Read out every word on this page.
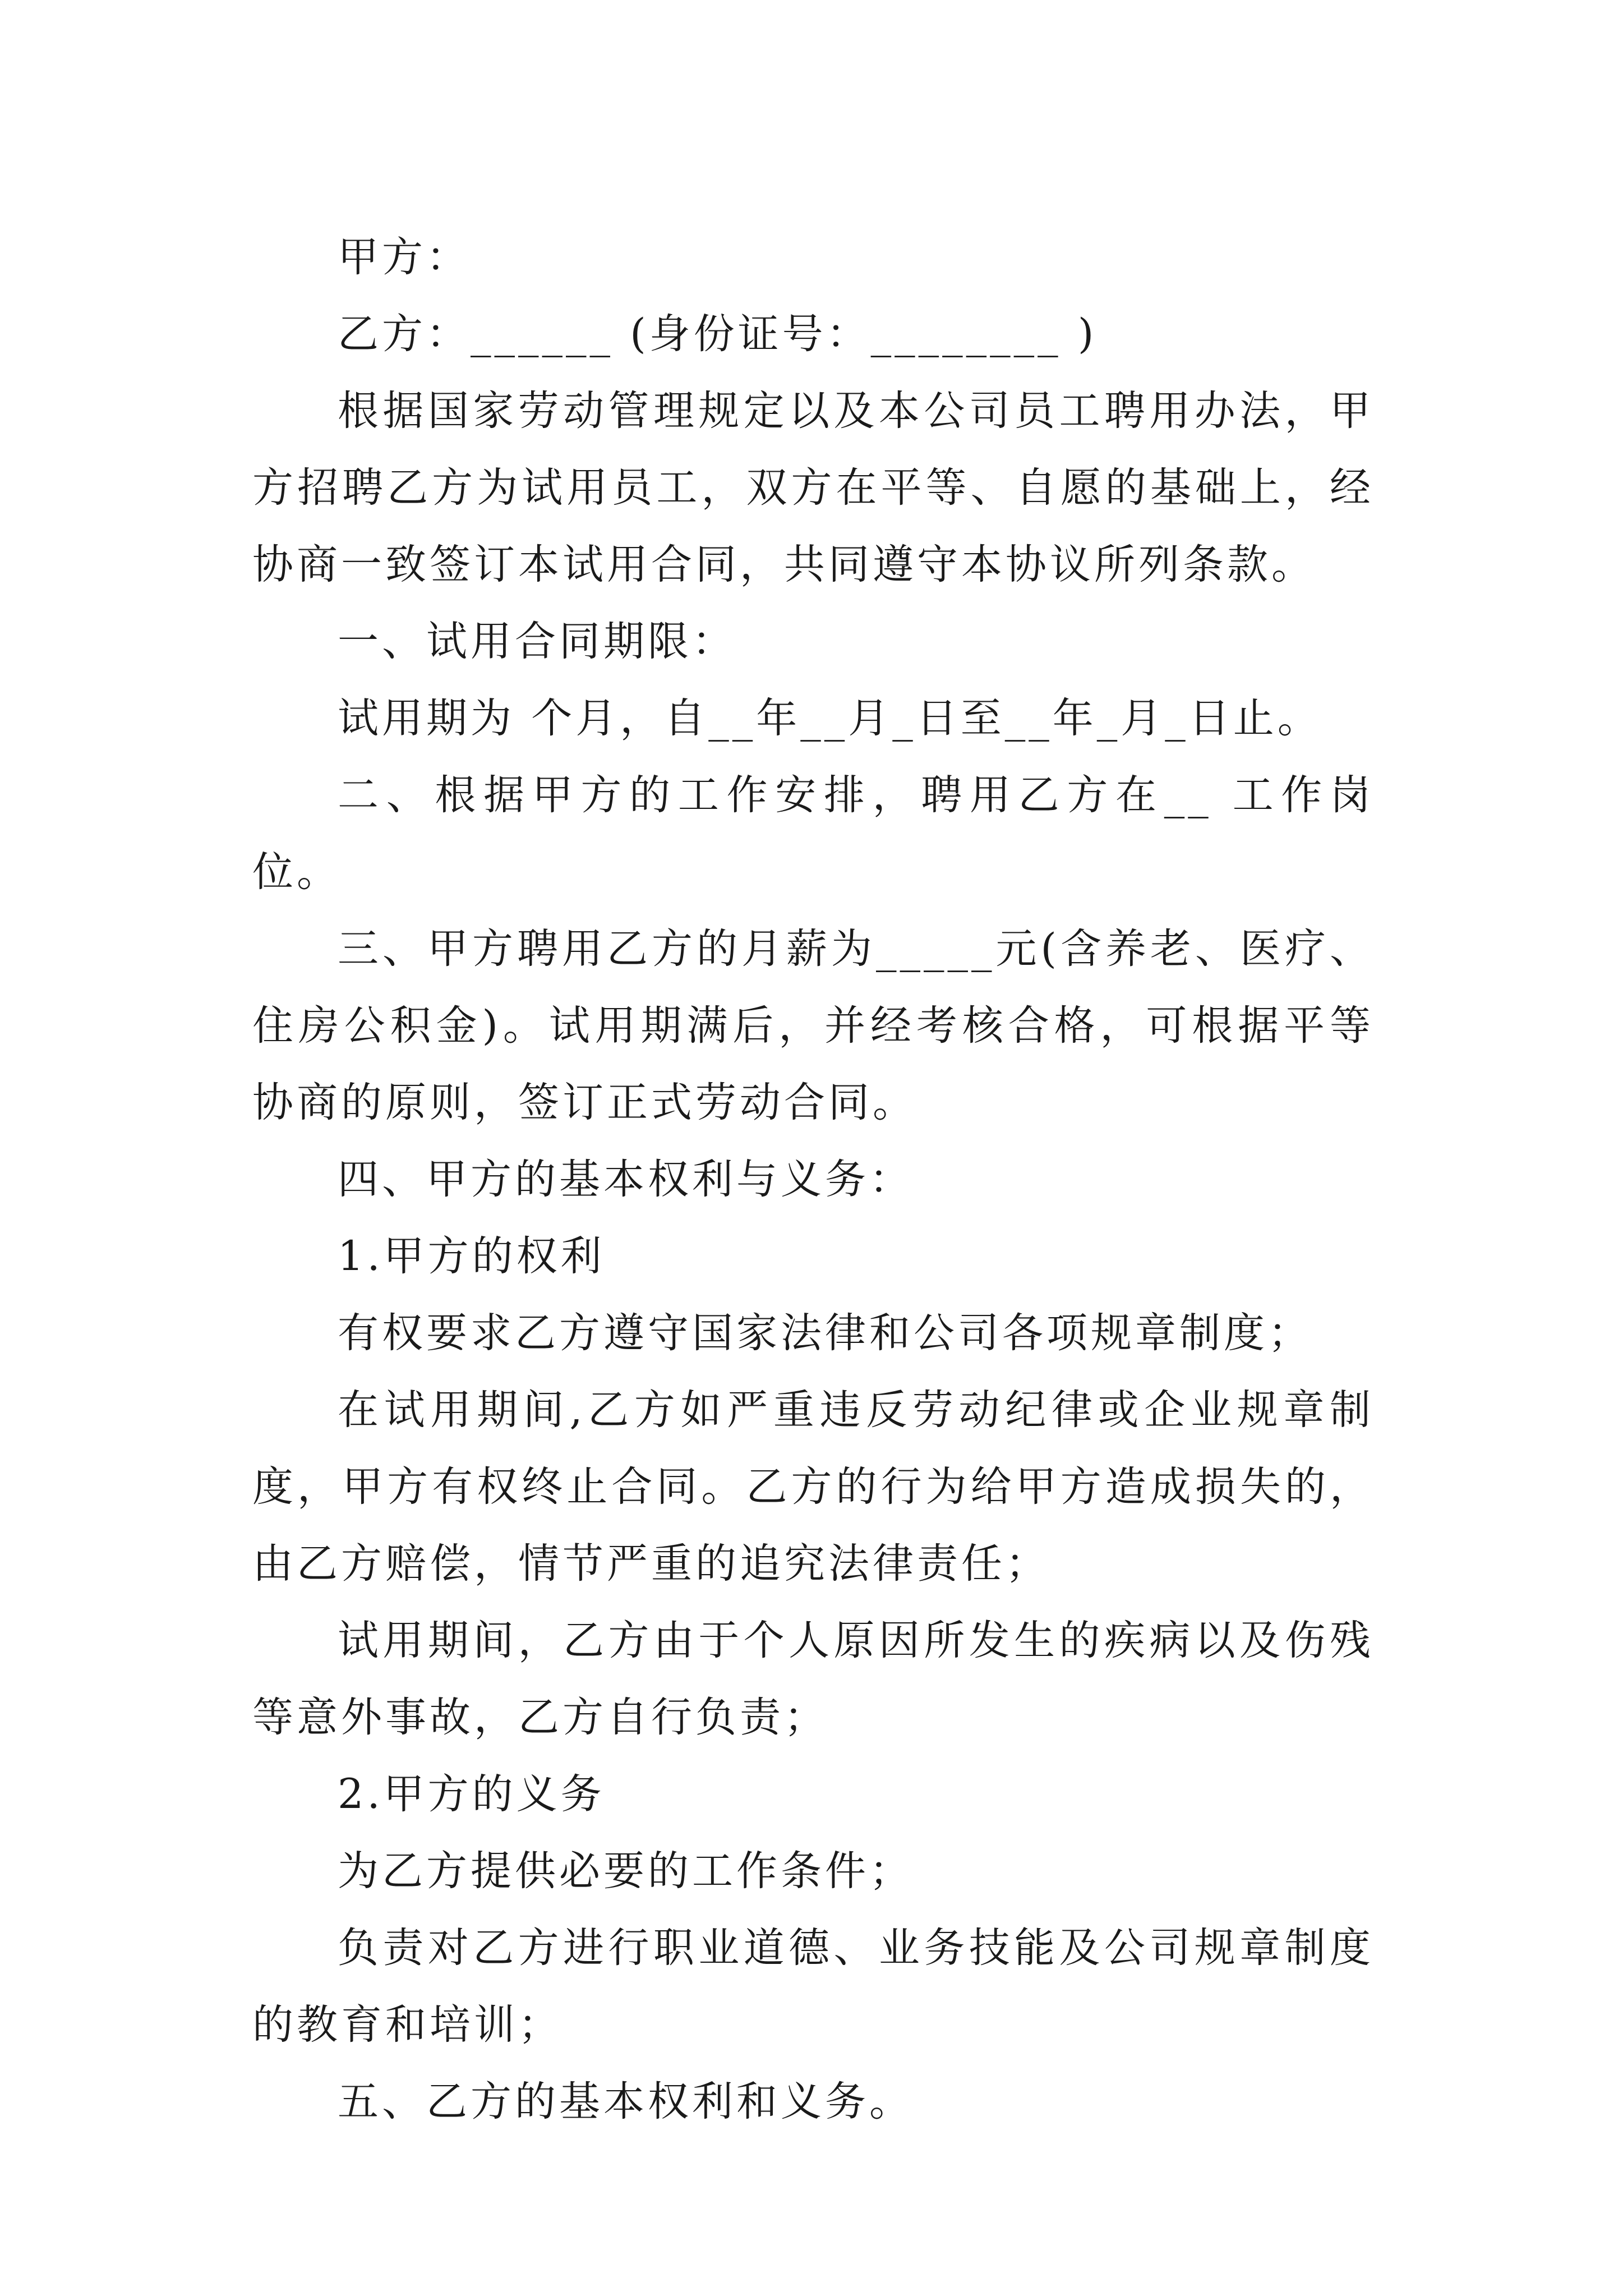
甲方：

乙方：______ (身份证号：________ )

根据国家劳动管理规定以及本公司员工聘用办法，甲方招聘乙方为试用员工，双方在平等、自愿的基础上，经协商一致签订本试用合同，共同遵守本协议所列条款。

一、试用合同期限：

试用期为 个月，自__年__月_日至__年_月_日止。

二、根据甲方的工作安排，聘用乙方在__ 工作岗位。

三、甲方聘用乙方的月薪为_____元(含养老、医疗、住房公积金)。试用期满后，并经考核合格，可根据平等协商的原则，签订正式劳动合同。

四、甲方的基本权利与义务：

1.甲方的权利

有权要求乙方遵守国家法律和公司各项规章制度；

在试用期间,乙方如严重违反劳动纪律或企业规章制度，甲方有权终止合同。乙方的行为给甲方造成损失的，由乙方赔偿，情节严重的追究法律责任；

试用期间，乙方由于个人原因所发生的疾病以及伤残等意外事故，乙方自行负责；

2.甲方的义务

为乙方提供必要的工作条件；

负责对乙方进行职业道德、业务技能及公司规章制度的教育和培训；

五、乙方的基本权利和义务。
